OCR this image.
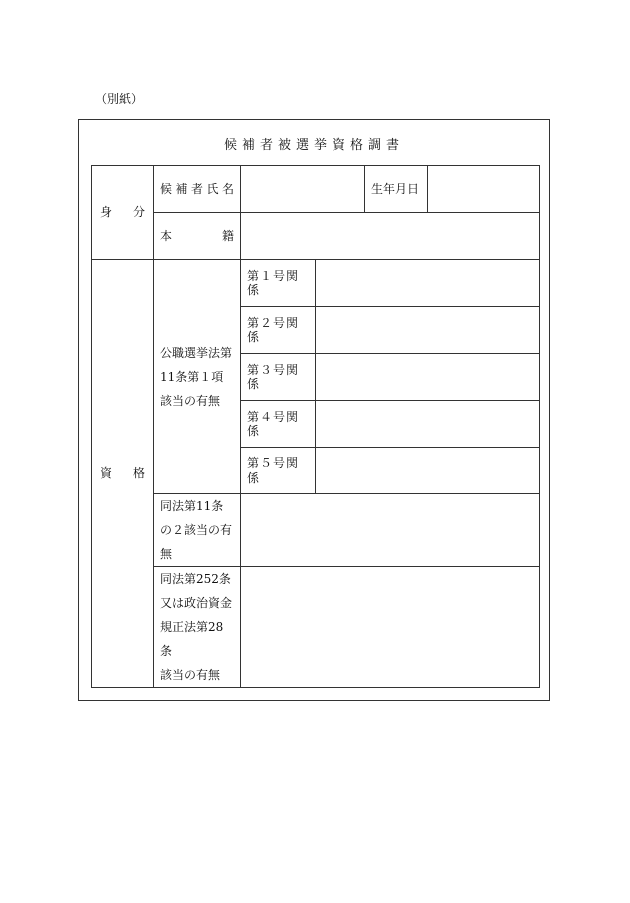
（別紙）
候補者被選挙資格調書
身 分	候 補 者 氏 名			生年月日	

	本 籍				

資 格	公職選挙法第
11条第１項
該当の有無	第１号関係			
		第２号関係			
		第３号関係			
		第４号関係			
		第５号関係			

	同法第11条
の２該当の有
無				

	同法第252条
又は政治資金
規正法第28条
該当の有無				
